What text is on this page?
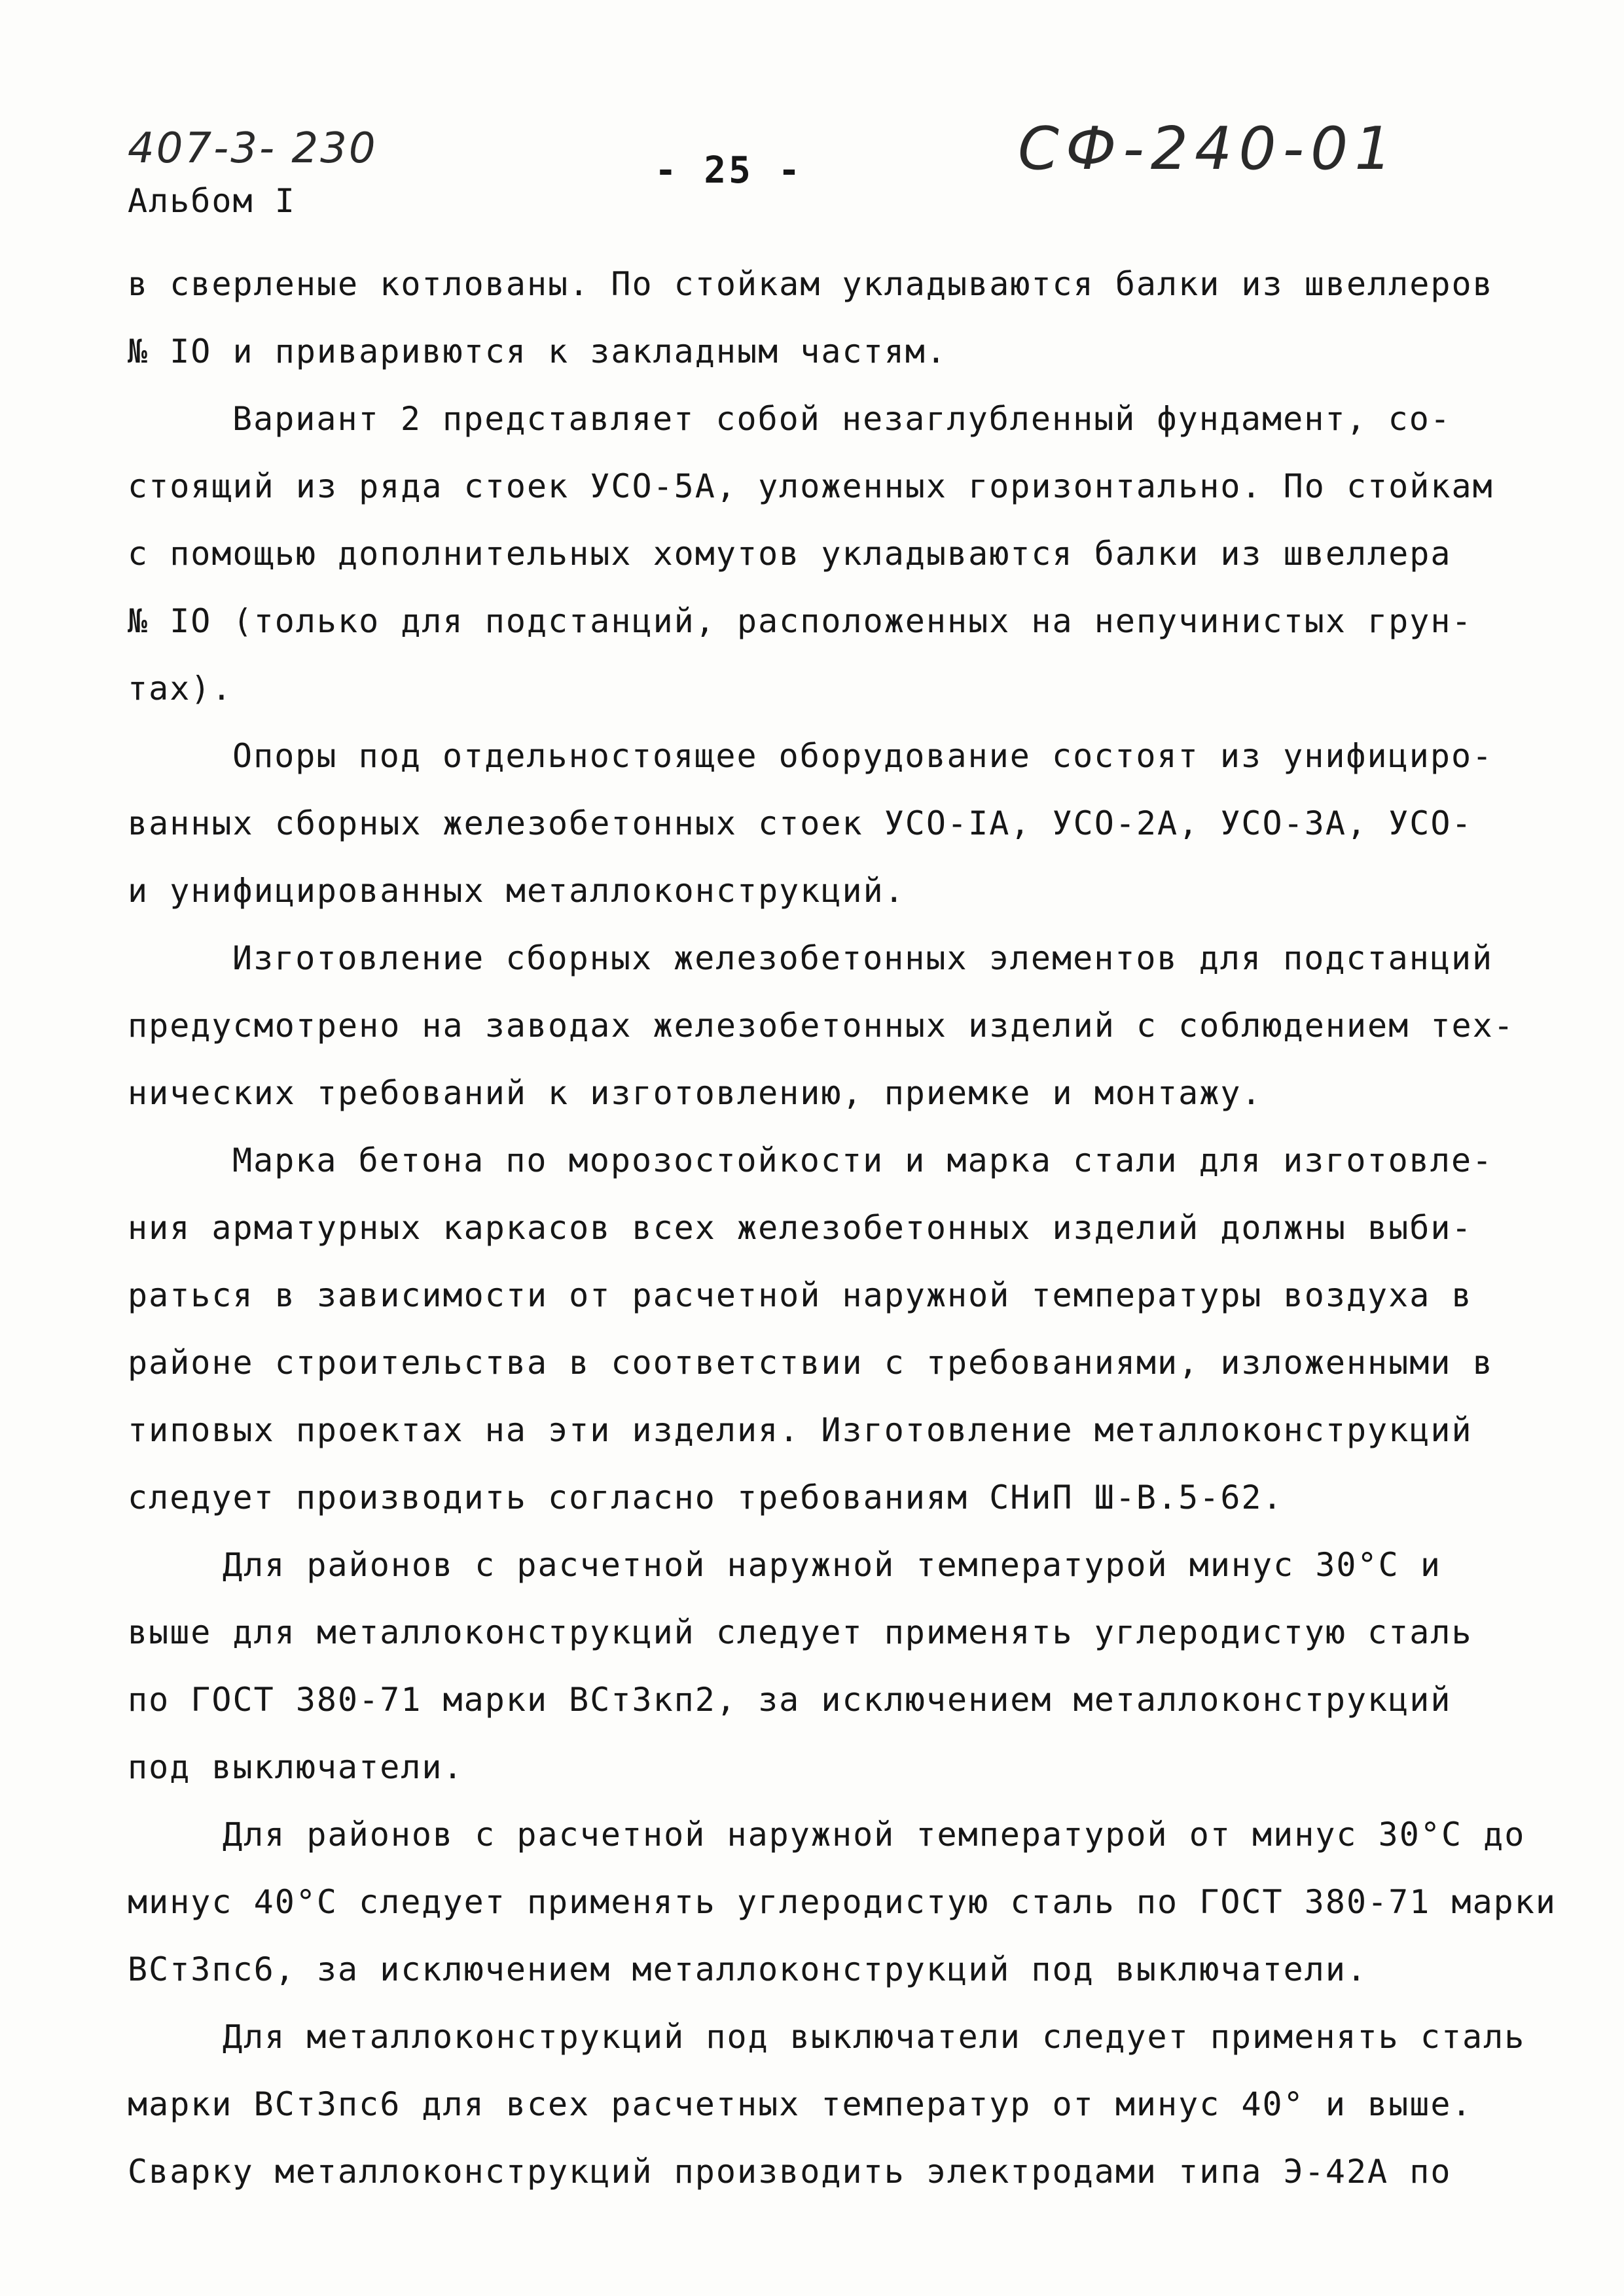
407-3- 230
Альбом I
- 25 -	СФ-240-01
в сверленые котлованы. По стойкам укладываются балки из швеллеров
№ IO и приваривются к закладным частям.
Вариант 2 представляет собой незаглубленный фундамент, со-
стоящий из ряда стоек УСО-5А, уложенных горизонтально. По стойкам
с помощью дополнительных хомутов укладываются балки из швеллера
№ IO (только для подстанций, расположенных на непучинистых грун-
тах).
Опоры под отдельностоящее оборудование состоят из унифициро-
ванных сборных железобетонных стоек УСО-IА, УСО-2А, УСО-3А, УСО-
и унифицированных металлоконструкций.
Изготовление сборных железобетонных элементов для подстанций
предусмотрено на заводах железобетонных изделий с соблюдением тех-
нических требований к изготовлению, приемке и монтажу.
Марка бетона по морозостойкости и марка стали для изготовле-
ния арматурных каркасов всех железобетонных изделий должны выби-
раться в зависимости от расчетной наружной температуры воздуха в
районе строительства в соответствии с требованиями, изложенными в
типовых проектах на эти изделия. Изготовление металлоконструкций
следует производить согласно требованиям СНиП Ш-В.5-62.
Для районов с расчетной наружной температурой минус 30°С и
выше для металлоконструкций следует применять углеродистую сталь
по ГОСТ 380-71 марки ВСт3кп2, за исключением металлоконструкций
под выключатели.
Для районов с расчетной наружной температурой от минус 30°С до
минус 40°С следует применять углеродистую сталь по ГОСТ 380-71 марки
ВСт3пс6, за исключением металлоконструкций под выключатели.
Для металлоконструкций под выключатели следует применять сталь
марки ВСт3пс6 для всех расчетных температур от минус 40° и выше.
Сварку металлоконструкций производить электродами типа Э-42А по
